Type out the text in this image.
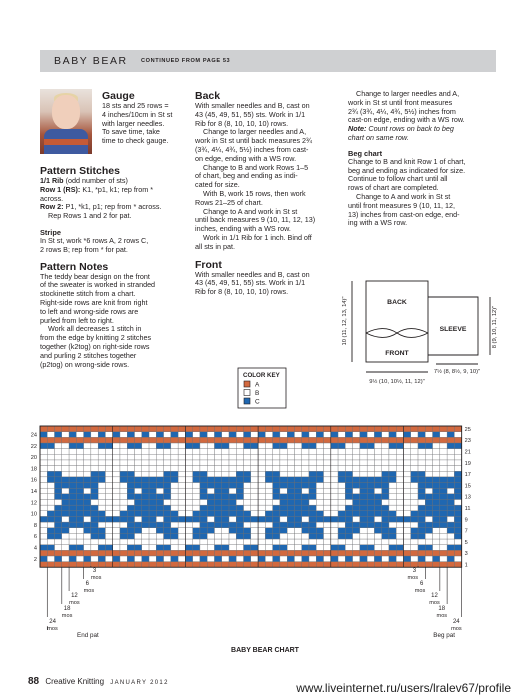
BABY BEAR CONTINUED FROM PAGE 53
Gauge

18 sts and 25 rows =

4 inches/10cm in St st

with larger needles.

To save time, take

time to check gauge.

Pattern Stitches

1/1 Rib (odd number of sts)

Row 1 (RS): K1, *p1, k1; rep from *

across.

Row 2: P1, *k1, p1; rep from * across.

Rep Rows 1 and 2 for pat.

Stripe

In St st, work *6 rows A, 2 rows C,

2 rows B; rep from * for pat.

Pattern Notes

The teddy bear design on the front

of the sweater is worked in stranded

stockinette stitch from a chart.

Right-side rows are knit from right

to left and wrong-side rows are

purled from left to right.

Work all decreases 1 stitch in

from the edge by knitting 2 stitches

together (k2tog) on right-side rows

and purling 2 stitches together

(p2tog) on wrong-side rows.

Back

With smaller needles and B, cast on

43 (45, 49, 51, 55) sts. Work in 1/1

Rib for 8 (8, 10, 10, 10) rows.

Change to larger needles and A,

work in St st until back measures 2¾

(3¾, 4¼, 4¾, 5½) inches from cast-

on edge, ending with a WS row.

Change to B and work Rows 1–5

of chart, beg and ending as indi-

cated for size.

With B, work 15 rows, then work

Rows 21–25 of chart.

Change to A and work in St st

until back measures 9 (10, 11, 12, 13)

inches, ending with a WS row.

Work in 1/1 Rib for 1 inch. Bind off

all sts in pat.

Front

With smaller needles and B, cast on

43 (45, 49, 51, 55) sts. Work in 1/1

Rib for 8 (8, 10, 10, 10) rows.

Change to larger needles and A,

work in St st until front measures

2¾ (3¾, 4¼, 4¾, 5½) inches from

cast-on edge, ending with a WS row.

Note: Count rows on back to beg

chart on same row.

Beg chart

Change to B and knit Row 1 of chart,

beg and ending as indicated for size.

Continue to follow chart until all

rows of chart are completed.

Change to A and work in St st

until front measures 9 (10, 11, 12,

13) inches from cast-on edge, end-

ing with a WS row.

BACK
FRONT
SLEEVE
10 (11, 12, 13, 14)"	8 (9, 10, 11, 12)"
7½ (8, 8½, 9, 10)"
9½ (10, 10½, 11, 12)"
COLOR KEY
A
B
C
24
22
20
18
16
14
12
10
8
6
4
2
25
23
21
19
17
15
13
11
9
7
5
3
1
3
mos
6
mos
12
mos
18
mos
24
mos
3
mos
6
mos
12
mos
18
mos
24
mos
End pat	Beg pat
BABY BEAR CHART
88 Creative Knitting JANUARY 2012	www.liveinternet.ru/users/lralev67/profile
